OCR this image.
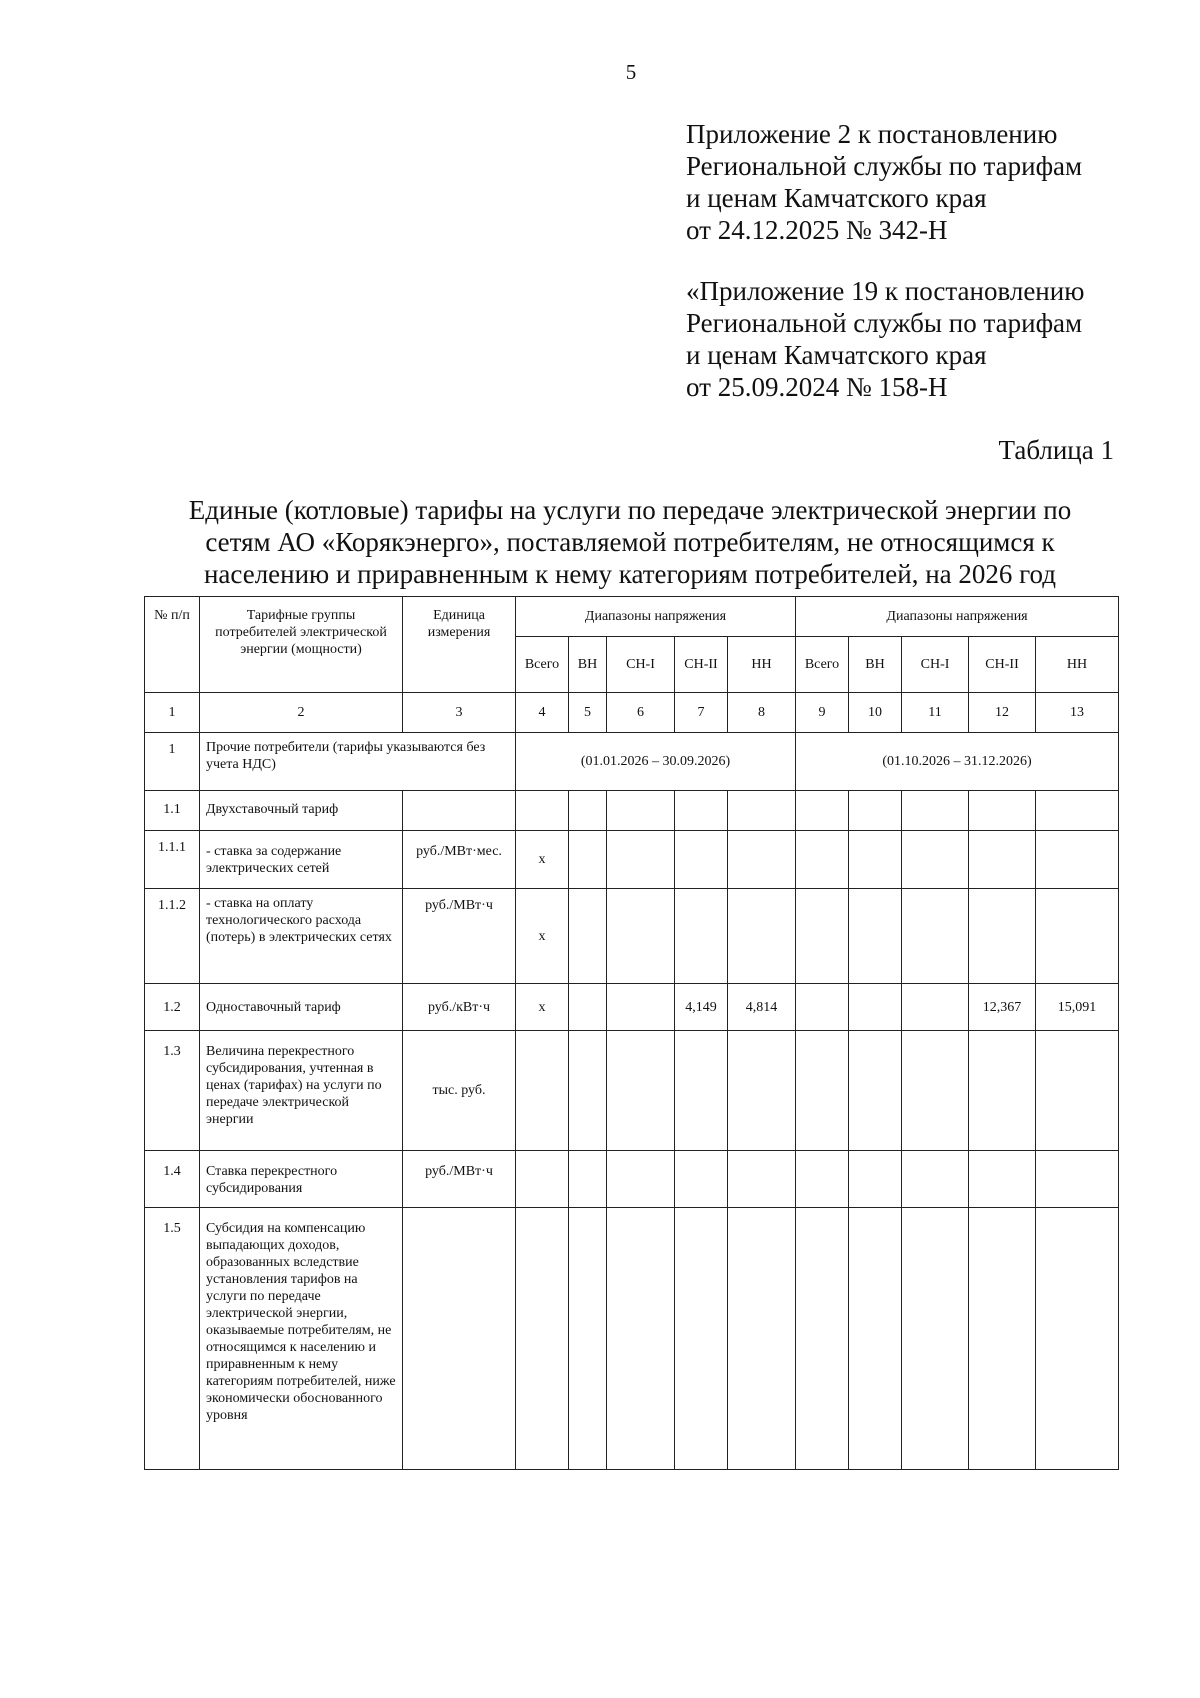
5
Приложение 2 к постановлению
Региональной службы по тарифам
и ценам Камчатского края
от 24.12.2025 № 342-Н
«Приложение 19 к постановлению
Региональной службы по тарифам
и ценам Камчатского края
от 25.09.2024 № 158-Н
Таблица 1
Единые (котловые) тарифы на услуги по передаче электрической энергии по
сетям АО «Корякэнерго», поставляемой потребителям, не относящимся к
населению и приравненным к нему категориям потребителей, на 2026 год
№ п/п	Тарифные группы потребителей электрической энергии (мощности)	Единица измерения	Диапазоны напряжения					Диапазоны напряжения				
			Всего	ВН	СН-I	СН-II	НН	Всего	ВН	СН-I	СН-II	НН
1	2	3	4	5	6	7	8	9	10	11	12	13
1	Прочие потребители (тарифы указываются без учета НДС)		(01.01.2026 – 30.09.2026)					(01.10.2026 – 31.12.2026)				
1.1	Двухставочный тариф											
1.1.1	- ставка за содержание электрических сетей	руб./МВт·мес.	х									
1.1.2	- ставка на оплату технологического расхода (потерь) в электрических сетях	руб./МВт·ч	х									
1.2	Одноставочный тариф	руб./кВт·ч	х			4,149	4,814				12,367	15,091
1.3	Величина перекрестного субсидирования, учтенная в ценах (тарифах) на услуги по передаче электрической энергии	тыс. руб.										
1.4	Ставка перекрестного субсидирования	руб./МВт·ч										
1.5	Субсидия на компенсацию выпадающих доходов, образованных вследствие установления тарифов на услуги по передаче электрической энергии, оказываемые потребителям, не относящимся к населению и приравненным к нему категориям потребителей, ниже экономически обоснованного уровня											
